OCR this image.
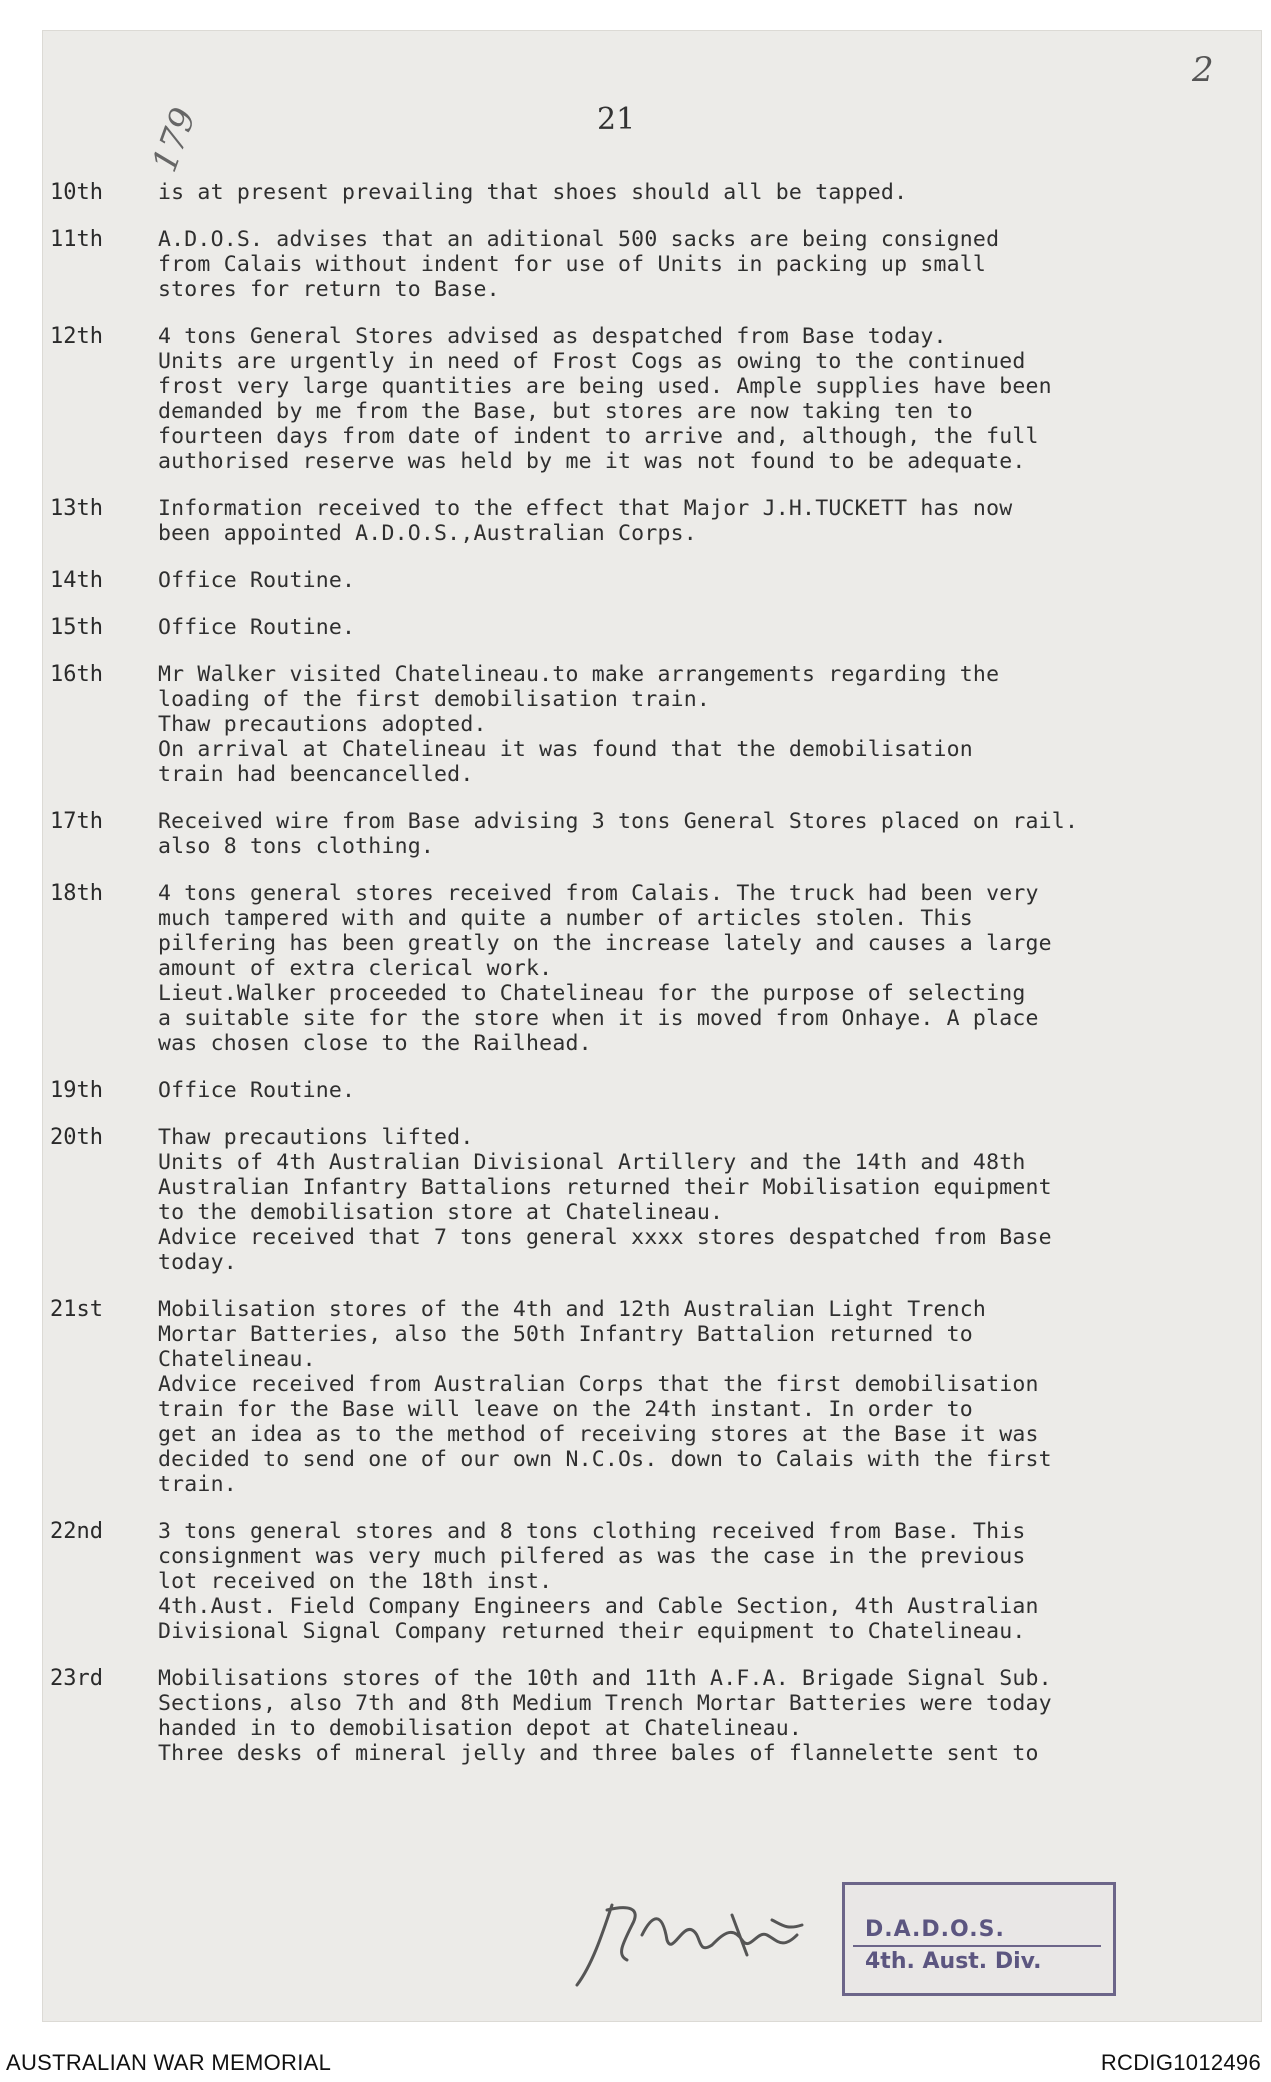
2
21
179
10th	is at present prevailing that shoes should all be tapped.
11th	A.D.O.S. advises that an aditional 500 sacks are being consigned
from Calais without indent for use of Units in packing up small
stores for return to Base.
12th	4 tons General Stores advised as despatched from Base today.
Units are urgently in need of Frost Cogs as owing to the continued
frost very large quantities are being used. Ample supplies have been
demanded by me from the Base, but stores are now taking ten to
fourteen days from date of indent to arrive and, although, the full
authorised reserve was held by me it was not found to be adequate.
13th	Information received to the effect that Major J.H.TUCKETT has now
been appointed A.D.O.S.,Australian Corps.
14th	Office Routine.
15th	Office Routine.
16th	Mr Walker visited Chatelineau.to make arrangements regarding the
loading of the first demobilisation train.
Thaw precautions adopted.
On arrival at Chatelineau it was found that the demobilisation
train had beencancelled.
17th	Received wire from Base advising 3 tons General Stores placed on rail.
also 8 tons clothing.
18th	4 tons general stores received from Calais. The truck had been very
much tampered with and quite a number of articles stolen. This
pilfering has been greatly on the increase lately and causes a large
amount of extra clerical work.
Lieut.Walker proceeded to Chatelineau for the purpose of selecting
a suitable site for the store when it is moved from Onhaye. A place
was chosen close to the Railhead.
19th	Office Routine.
20th	Thaw precautions lifted.
Units of 4th Australian Divisional Artillery and the 14th and 48th
Australian Infantry Battalions returned their Mobilisation equipment
to the demobilisation store at Chatelineau.
Advice received that 7 tons general xxxx stores despatched from Base
today.
21st	Mobilisation stores of the 4th and 12th Australian Light Trench
Mortar Batteries, also the 50th Infantry Battalion returned to
Chatelineau.
Advice received from Australian Corps that the first demobilisation
train for the Base will leave on the 24th instant. In order to
get an idea as to the method of receiving stores at the Base it was
decided to send one of our own N.C.Os. down to Calais with the first
train.
22nd	3 tons general stores and 8 tons clothing received from Base. This
consignment was very much pilfered as was the case in the previous
lot received on the 18th inst.
4th.Aust. Field Company Engineers and Cable Section, 4th Australian
Divisional Signal Company returned their equipment to Chatelineau.
23rd	Mobilisations stores of the 10th and 11th A.F.A. Brigade Signal Sub.
Sections, also 7th and 8th Medium Trench Mortar Batteries were today
handed in to demobilisation depot at Chatelineau.
Three desks of mineral jelly and three bales of flannelette sent to
D.A.D.O.S.
4th. Aust. Div.
AUSTRALIAN WAR MEMORIAL	RCDIG1012496
